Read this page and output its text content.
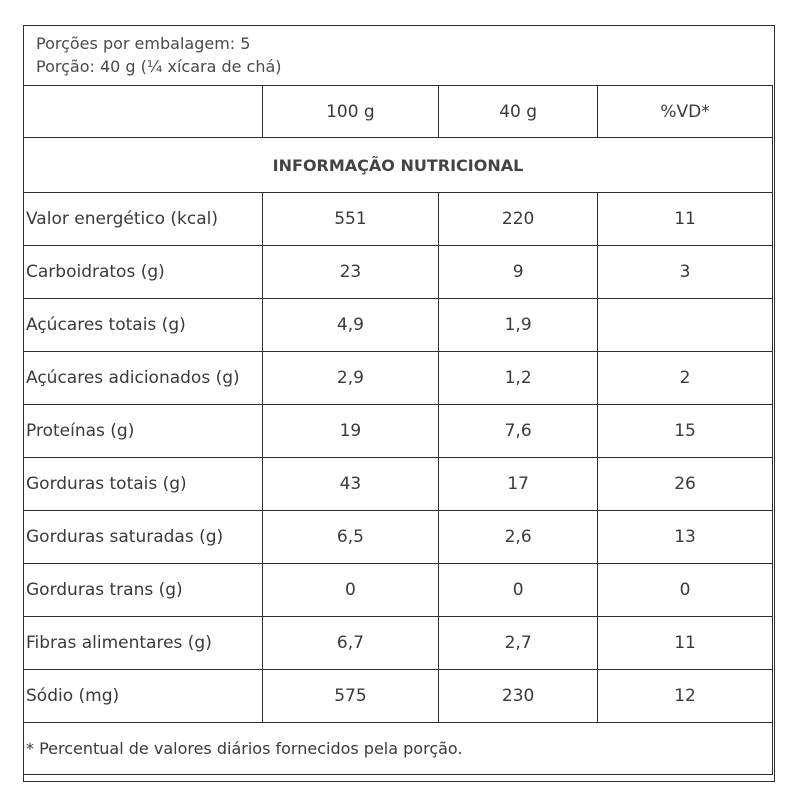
Porções por embalagem: 5
Porção: 40 g (¼ xícara de chá)
	100 g	40 g	%VD*
INFORMAÇÃO NUTRICIONAL			
Valor energético (kcal)	551	220	11
Carboidratos (g)	23	9	3
Açúcares totais (g)	4,9	1,9	
Açúcares adicionados (g)	2,9	1,2	2
Proteínas (g)	19	7,6	15
Gorduras totais (g)	43	17	26
Gorduras saturadas (g)	6,5	2,6	13
Gorduras trans (g)	0	0	0
Fibras alimentares (g)	6,7	2,7	11
Sódio (mg)	575	230	12
* Percentual de valores diários fornecidos pela porção.			
